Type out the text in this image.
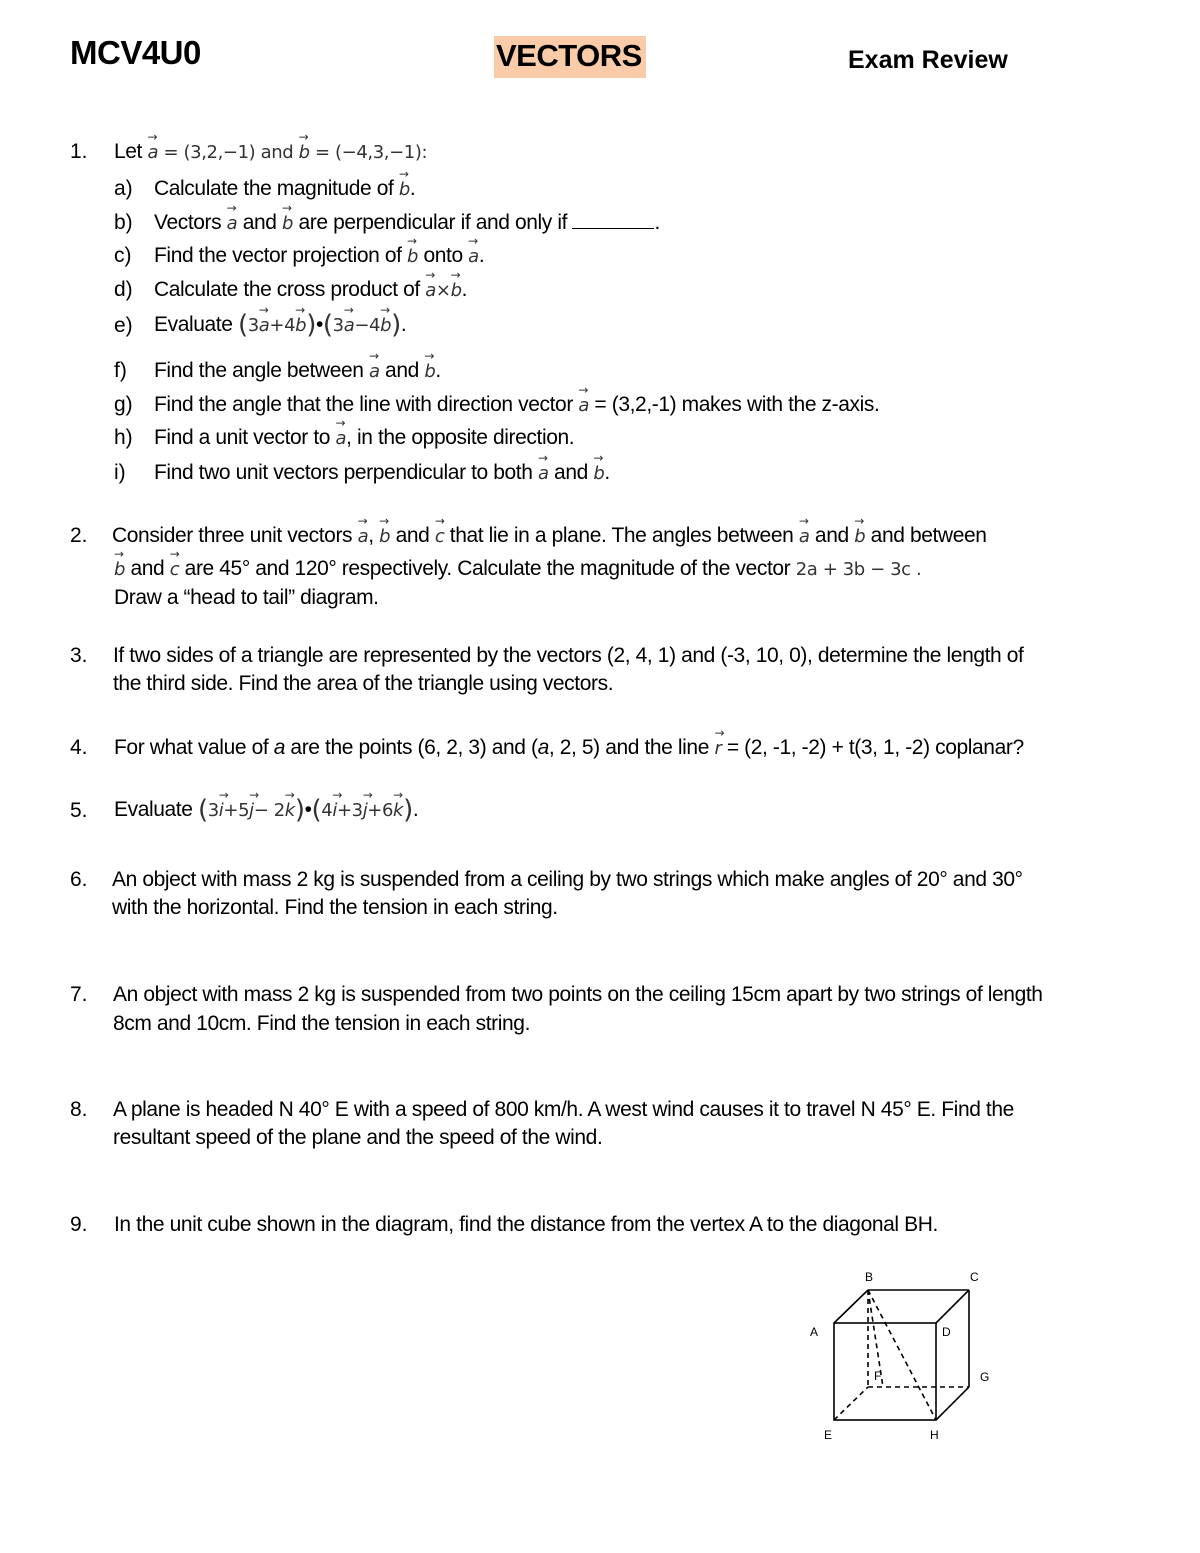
MCV4U0	VECTORS	Exam Review
1. Let → a = (3,2,−1) and → b = (−4,3,−1):
a) Calculate the magnitude of → b.
b) Vectors → a and → b are perpendicular if and only if	.
c) Find the vector projection of → b onto → a.
d) Calculate the cross product of → a×→ b.
e) Evaluate (3→ a+4→ b)•(3→ a−4→ b).
f) Find the angle between → a and → b.
g) Find the angle that the line with direction vector → a = (3,2,-1) makes with the z-axis.
h) Find a unit vector to → a, in the opposite direction.
i) Find two unit vectors perpendicular to both → a and → b.
2. Consider three unit vectors → a, → b and → c that lie in a plane. The angles between → a and → b and between
→ b and → c are 45° and 120° respectively. Calculate the magnitude of the vector 2a + 3b − 3c .
Draw a “head to tail” diagram.
3. If two sides of a triangle are represented by the vectors (2, 4, 1) and (-3, 10, 0), determine the length of
the third side. Find the area of the triangle using vectors.
4. For what value of a are the points (6, 2, 3) and (a, 2, 5) and the line → r = (2, -1, -2) + t(3, 1, -2) coplanar?
5. Evaluate (3→ i+5→ j− 2→ k)•(4→ i+3→ j+6→ k).
6. An object with mass 2 kg is suspended from a ceiling by two strings which make angles of 20° and 30°
with the horizontal. Find the tension in each string.
7. An object with mass 2 kg is suspended from two points on the ceiling 15cm apart by two strings of length
8cm and 10cm. Find the tension in each string.
8. A plane is headed N 40° E with a speed of 800 km/h. A west wind causes it to travel N 45° E. Find the
resultant speed of the plane and the speed of the wind.
9. In the unit cube shown in the diagram, find the distance from the vertex A to the diagonal BH.
B	C
A	D
F	G
E	H
